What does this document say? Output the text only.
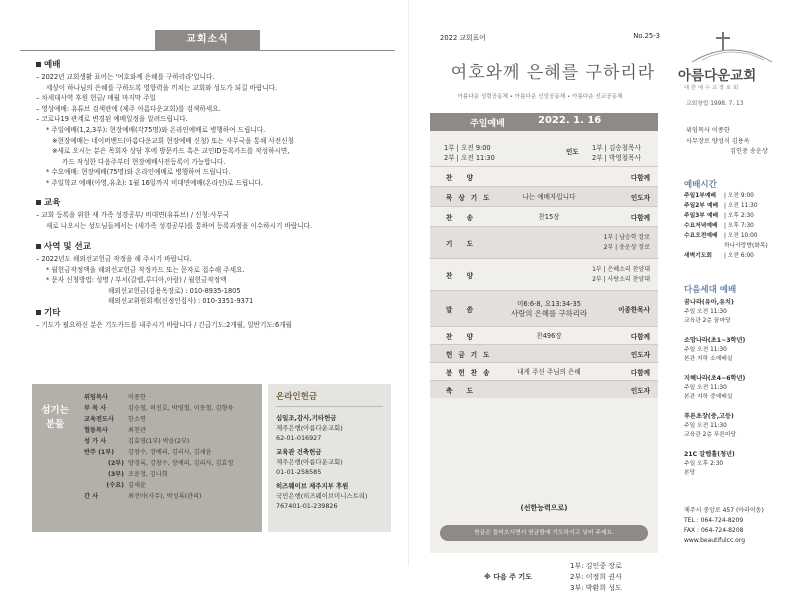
교회소식
예배
– 2022년 교회생활 표어는 '여호와께 은혜를 구하리라'입니다.
세상이 하나님의 은혜를 구하도록 영향력을 끼치는 교회와 성도가 되길 바랍니다.
– 차세대사역 후원 헌금/ 매월 마지막 주일
– 영상예배: 유튜브 검색란에 (제주 아름다운교회)를 검색하세요.
– 코로나19 관계로 변경된 예배일정을 알려드립니다.
* 주일예배(1,2,3부): 현장예배(각75명)와 온라인예배로 병행하여 드립니다.
※현장예배는 네이버밴드(아름다운교회 현장예배 신청) 또는 사무국을 통해 사전신청
※새로 오시는 분은 목회자 상담 후에 방문카드 혹은 교인ID등록카드를 작성하시면,
카드 작성한 다음주부터 현장예배사전등록이 가능합니다.
* 수요예배: 현장예배(75명)와 온라인예배로 병행하여 드립니다.
* 주일학교 예배(아영,유초): 1월 16일까지 비대면예배(온라인)로 드립니다.
교육
– 교회 등록을 위한 새 가족 성경공부/ 비대면(유튜브) / 신청:사무국
새로 나오시는 성도님들께서는 (새가족 성경공부)를 통하여 등록과정을 이수하시기 바랍니다.
사역 및 선교
– 2022년도 해외선교헌금 작정을 해 주시기 바랍니다.
* 월헌금작정액을 해외선교헌금 작정카드 또는 문자로 접수해 주세요.
* 문자 신청방법: 성명 / 부서(갈렙,루디아,아람) / 월헌금작정액
해외선교헌금(김용옥장로) : 010-8935-1805
해외선교위원회계(신정인집사) : 010-3351-9371
기타
– 기도가 필요하신 분은 기도카드를 내주시기 바랍니다 / 긴급기도:2개월, 일반기도:6개월
섬기는 분들
위임목사	이종한
부 목 사	김승철, 허진호, 박영철, 이동철, 김형욱
교육전도사 한소연
협동목사	최천관
성 가 사	김효영(1부) 박윤(2부)
반주 (1부) 강창수, 장예리, 김리사, 김세윤
(2부) 양경록, 강창수, 장예리, 김리사, 김효정
(3부) 조윤정, 김나희
(수요) 김세윤
간 사	최선아(사무), 박성록(관리)
온라인헌금
십일조,감사,기타헌금
제주은행(아름다운교회)
62-01-016927
교육관 건축헌금
제주은행(아름다운교회)
01-01-258585
히즈웨이브 제주지부 후원
국민은행(히즈웨이브미니스트리)
767401-01-239826
2022 교회표어	No.25-3
여호와께 은혜를 구하리라
아름다운 성령공동체 • 아름다운 신앙공동체 • 아름다운 선교공동체
주일예배	2022. 1. 16
1부 | 오전 9:00
2부 | 오전 11:30
인도 1부 | 김승철목사
2부 | 박영철목사
찬 양	다함께
묵상기도	나는 예배자입니다	인도자
찬 송	찬15장	다함께
기 도
1부 | 남승학 장로
2부 | 송운상 장로
찬 양
1부 | 은혜소리 찬양대
2부 | 사랑소리 찬양대
말 씀
미6:6-8, 요13:34-35
사랑의 은혜를 구하리라	이종한목사
찬 양	찬496장	다함께
헌금기도	인도자
봉헌찬송	내게 주신 주님의 은혜	다함께
축 도	인도자
(선한능력으로)
헌금은 들어오시면서 헌금함에 기도하시고 넣어 주세요.
※ 다음 주 기도
1부: 김인중 장로
2부: 이정희 권사
3부: 박환희 성도
아름다운교회
대한예수교장로회
교회창립 1998. 7. 13
위임목사 이종한
사무장로 양성식 김용옥
김인중 송운상
예배시간
주일1부예배 | 오전 9:00
주일2부 예배 | 오전 11:30
주일3부 예배 | 오후 2:30
수요저녁예배 | 오후 7:30
수요오전예배 | 오전 10:00
하나사랑방(화목)
새벽기도회 | 오전 6:00
다음세대 예배
꿈나라(유아,유치)
주일 오전 11:30
교육관 2층 꿈마당
소망나라(초1~3학년)
주일 오전 11:30
본관 지하 소예배실
지혜나라(초4~6학년)
주일 오전 11:30
본관 지하 중예배실
푸른초장(중,고등)
주일 오전 11:30
교육관 2층 푸른마당
21C 갈렙홀(청년)
주일 오후 2:30
본당
제주시 중앙로 457 (아라이동)
TEL : 064-724-8209
FAX : 064-724-8208
www.beautifulcc.org
